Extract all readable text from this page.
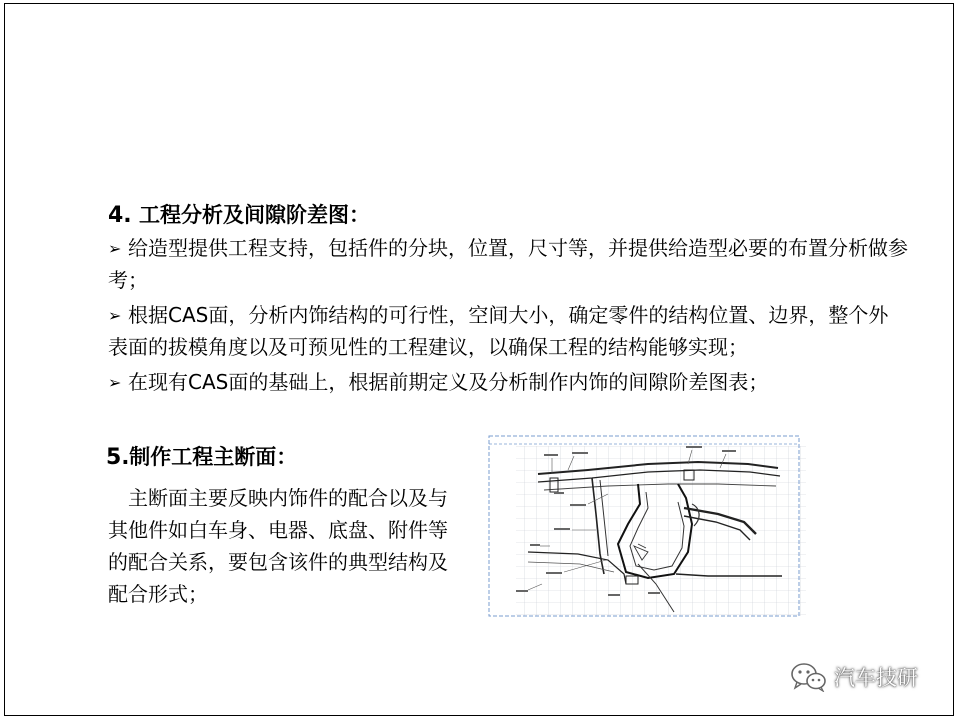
4. 工程分析及间隙阶差图：
➢ 给造型提供工程支持，包括件的分块，位置，尺寸等，并提供给造型必要的布置分析做参考；
➢ 根据CAS面，分析内饰结构的可行性，空间大小，确定零件的结构位置、边界，整个外表面的拔模角度以及可预见性的工程建议，以确保工程的结构能够实现；
➢ 在现有CAS面的基础上，根据前期定义及分析制作内饰的间隙阶差图表；
5.制作工程主断面：
主断面主要反映内饰件的配合以及与其他件如白车身、电器、底盘、附件等的配合关系，要包含该件的典型结构及配合形式；
汽车技研
